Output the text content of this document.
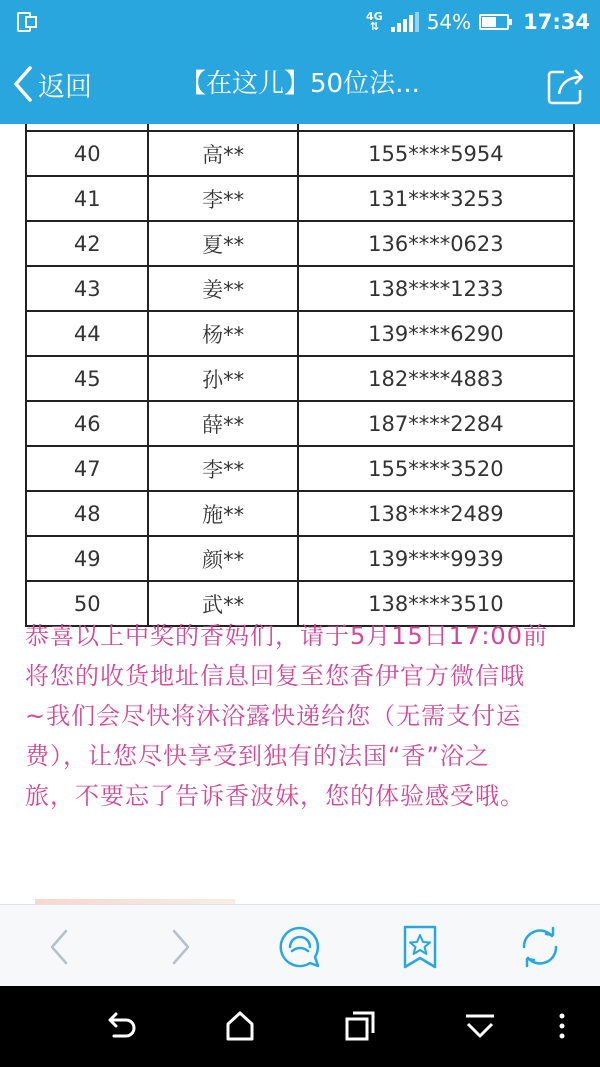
4G
⇅ 54% 17:34
返回	【在这儿】50位法...

40	高**	155****5954
41	李**	131****3253
42	夏**	136****0623
43	姜**	138****1233
44	杨**	139****6290
45	孙**	182****4883
46	薛**	187****2284
47	李**	155****3520
48	施**	138****2489
49	颜**	139****9939
50	武**	138****3510

恭喜以上中奖的香妈们，请于5月15日17:00前

将您的收货地址信息回复至您香伊官方微信哦

~我们会尽快将沐浴露快递给您（无需支付运

费），让您尽快享受到独有的法国“香”浴之

旅，不要忘了告诉香波妹，您的体验感受哦。
